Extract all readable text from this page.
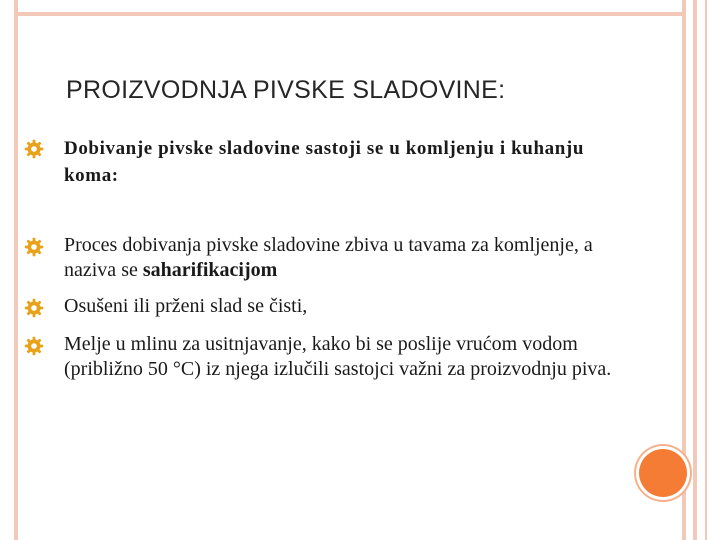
PROIZVODNJA PIVSKE SLADOVINE:
Dobivanje pivske sladovine sastoji se u komljenju i kuhanju koma:
Proces dobivanja pivske sladovine zbiva u tavama za komljenje, a naziva se saharifikacijom
Osušeni ili prženi slad se čisti,
Melje u mlinu za usitnjavanje, kako bi se poslije vrućom vodom (približno 50 °C) iz njega izlučili sastojci važni za proizvodnju piva.
